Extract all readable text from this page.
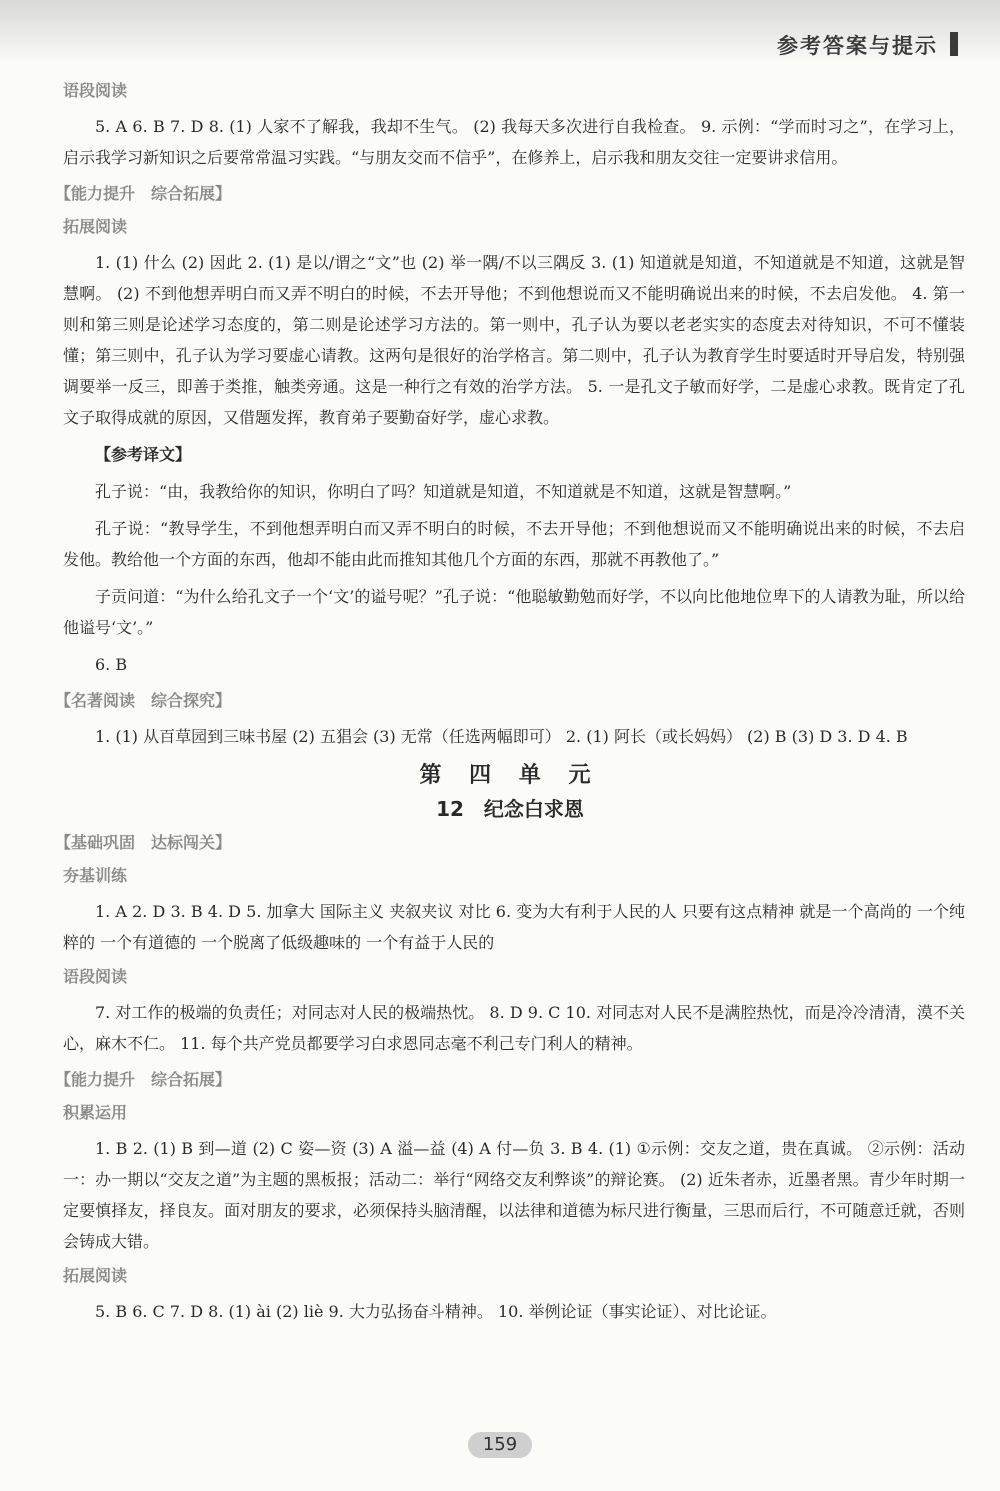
参考答案与提示
语段阅读
5. A 6. B 7. D 8. (1) 人家不了解我，我却不生气。 (2) 我每天多次进行自我检查。 9. 示例：“学而时习之”，在学习上，启示我学习新知识之后要常常温习实践。“与朋友交而不信乎”，在修养上，启示我和朋友交往一定要讲求信用。
【能力提升　综合拓展】
拓展阅读
1. (1) 什么 (2) 因此 2. (1) 是以/谓之“文”也 (2) 举一隅/不以三隅反 3. (1) 知道就是知道，不知道就是不知道，这就是智慧啊。 (2) 不到他想弄明白而又弄不明白的时候，不去开导他；不到他想说而又不能明确说出来的时候，不去启发他。 4. 第一则和第三则是论述学习态度的，第二则是论述学习方法的。第一则中，孔子认为要以老老实实的态度去对待知识，不可不懂装懂；第三则中，孔子认为学习要虚心请教。这两句是很好的治学格言。第二则中，孔子认为教育学生时要适时开导启发，特别强调要举一反三，即善于类推，触类旁通。这是一种行之有效的治学方法。 5. 一是孔文子敏而好学，二是虚心求教。既肯定了孔文子取得成就的原因，又借题发挥，教育弟子要勤奋好学，虚心求教。
【参考译文】
孔子说：“由，我教给你的知识，你明白了吗？知道就是知道，不知道就是不知道，这就是智慧啊。”
孔子说：“教导学生，不到他想弄明白而又弄不明白的时候，不去开导他；不到他想说而又不能明确说出来的时候，不去启发他。教给他一个方面的东西，他却不能由此而推知其他几个方面的东西，那就不再教他了。”
子贡问道：“为什么给孔文子一个‘文’的谥号呢？”孔子说：“他聪敏勤勉而好学，不以向比他地位卑下的人请教为耻，所以给他谥号‘文’。”
6. B
【名著阅读　综合探究】
1. (1) 从百草园到三味书屋 (2) 五猖会 (3) 无常（任选两幅即可） 2. (1) 阿长（或长妈妈） (2) B (3) D 3. D 4. B
第 四 单 元
12　纪念白求恩
【基础巩固　达标闯关】
夯基训练
1. A 2. D 3. B 4. D 5. 加拿大 国际主义 夹叙夹议 对比 6. 变为大有利于人民的人 只要有这点精神 就是一个高尚的 一个纯粹的 一个有道德的 一个脱离了低级趣味的 一个有益于人民的
语段阅读
7. 对工作的极端的负责任；对同志对人民的极端热忱。 8. D 9. C 10. 对同志对人民不是满腔热忱，而是冷冷清清，漠不关心，麻木不仁。 11. 每个共产党员都要学习白求恩同志毫不利己专门利人的精神。
【能力提升　综合拓展】
积累运用
1. B 2. (1) B 到—道 (2) C 姿—资 (3) A 溢—益 (4) A 付—负 3. B 4. (1) ①示例：交友之道，贵在真诚。 ②示例：活动一：办一期以“交友之道”为主题的黑板报；活动二：举行“网络交友利弊谈”的辩论赛。 (2) 近朱者赤，近墨者黑。青少年时期一定要慎择友，择良友。面对朋友的要求，必须保持头脑清醒，以法律和道德为标尺进行衡量，三思而后行，不可随意迁就，否则会铸成大错。
拓展阅读
5. B 6. C 7. D 8. (1) ài (2) liè 9. 大力弘扬奋斗精神。 10. 举例论证（事实论证）、对比论证。
159
